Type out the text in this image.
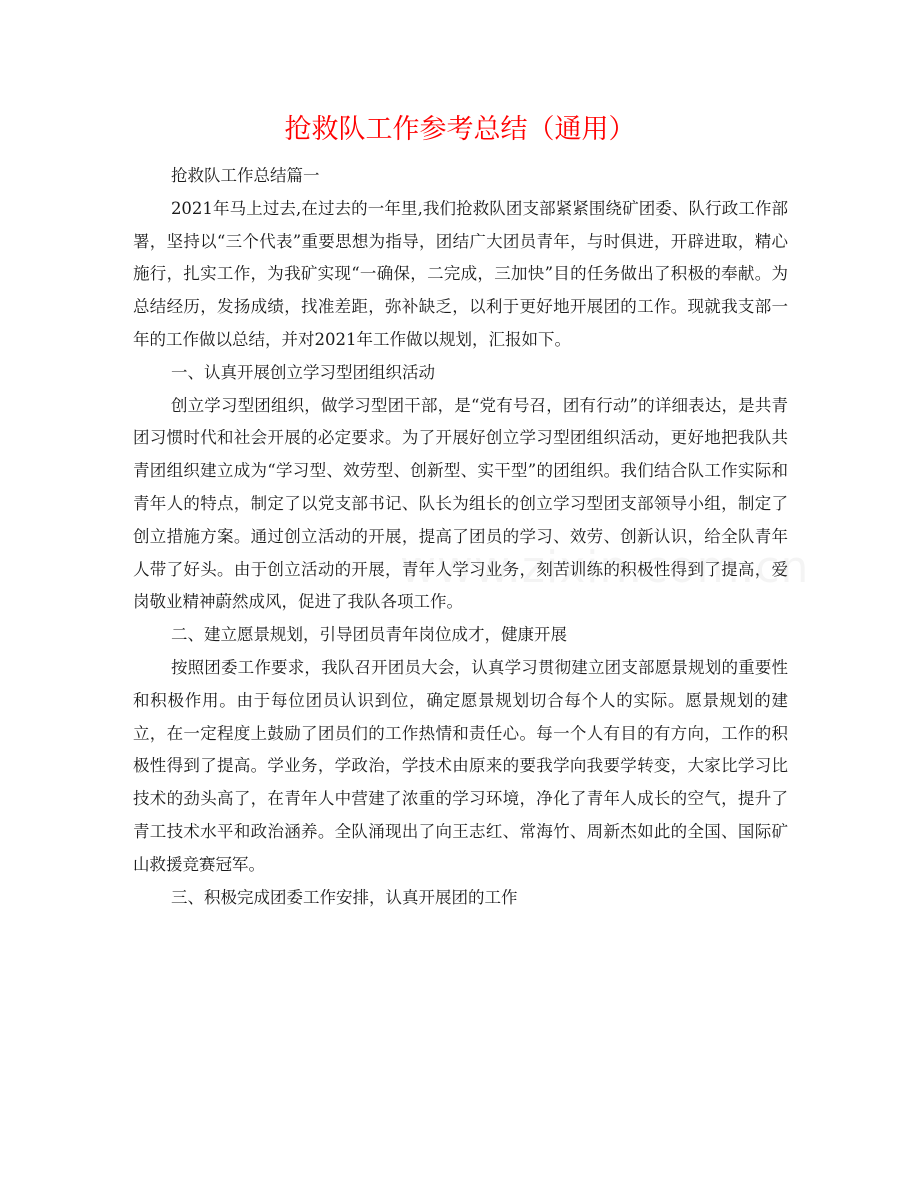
抢救队工作参考总结（通用）

抢救队工作总结篇一

2021年马上过去,在过去的一年里,我们抢救队团支部紧紧围绕矿团委、队行政工作部署，坚持以“三个代表”重要思想为指导，团结广大团员青年，与时俱进，开辟进取，精心施行，扎实工作，为我矿实现“一确保，二完成，三加快”目的任务做出了积极的奉献。为总结经历，发扬成绩，找准差距，弥补缺乏，以利于更好地开展团的工作。现就我支部一年的工作做以总结，并对2021年工作做以规划，汇报如下。

一、认真开展创立学习型团组织活动

创立学习型团组织，做学习型团干部，是“党有号召，团有行动”的详细表达，是共青团习惯时代和社会开展的必定要求。为了开展好创立学习型团组织活动，更好地把我队共青团组织建立成为“学习型、效劳型、创新型、实干型”的团组织。我们结合队工作实际和青年人的特点，制定了以党支部书记、队长为组长的创立学习型团支部领导小组，制定了创立措施方案。通过创立活动的开展，提高了团员的学习、效劳、创新认识，给全队青年人带了好头。由于创立活动的开展，青年人学习业务，刻苦训练的积极性得到了提高，爱岗敬业精神蔚然成风，促进了我队各项工作。

二、建立愿景规划，引导团员青年岗位成才，健康开展

按照团委工作要求，我队召开团员大会，认真学习贯彻建立团支部愿景规划的重要性和积极作用。由于每位团员认识到位，确定愿景规划切合每个人的实际。愿景规划的建立，在一定程度上鼓励了团员们的工作热情和责任心。每一个人有目的有方向，工作的积极性得到了提高。学业务，学政治，学技术由原来的要我学向我要学转变，大家比学习比技术的劲头高了，在青年人中营建了浓重的学习环境，净化了青年人成长的空气，提升了青工技术水平和政治涵养。全队涌现出了向王志红、常海竹、周新杰如此的全国、国际矿山救援竞赛冠军。

三、积极完成团委工作安排，认真开展团的工作
